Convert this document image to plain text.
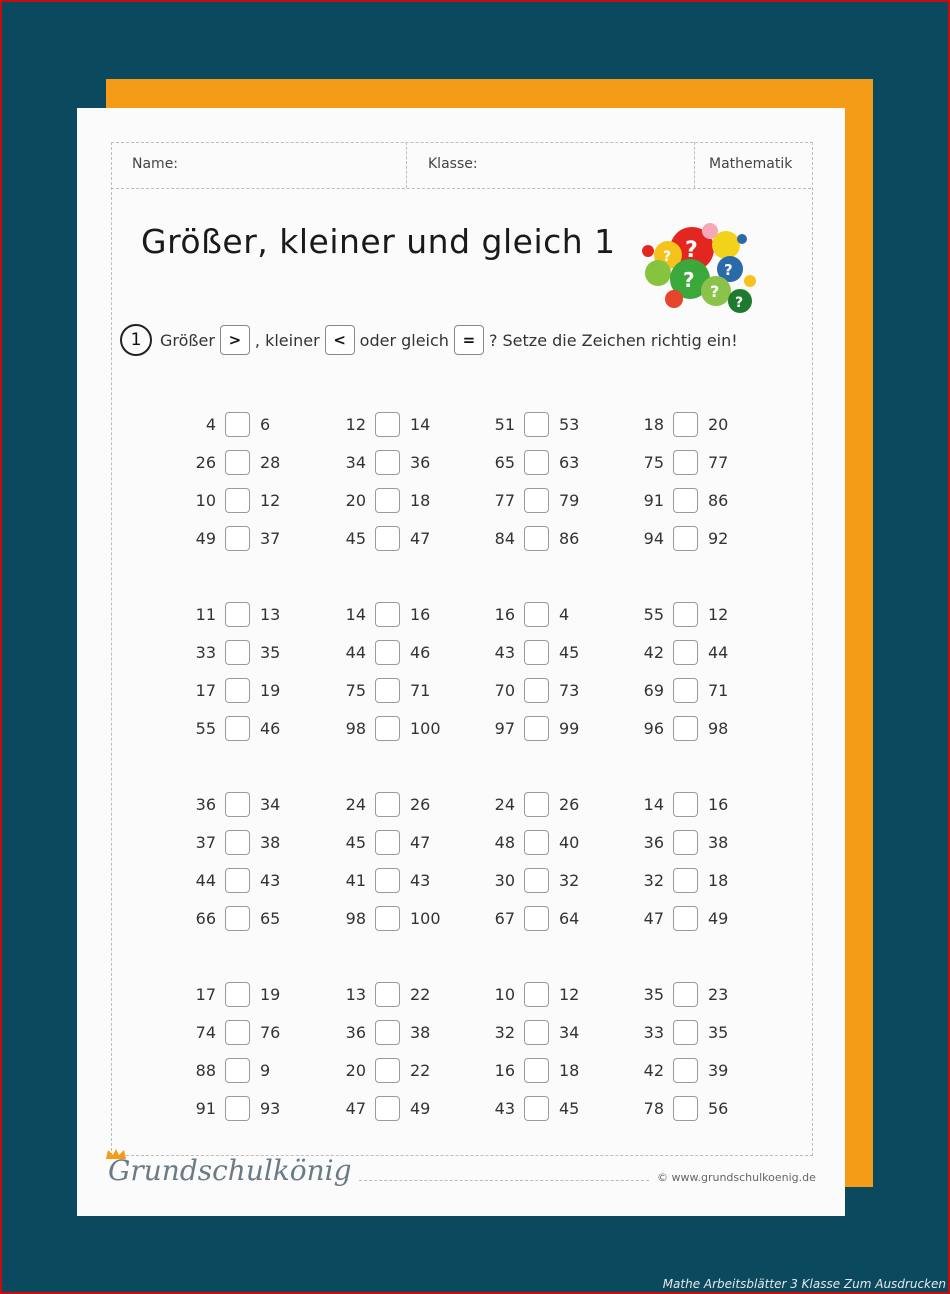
Name:	Klasse:	Mathematik
Größer, kleiner und gleich 1	?
? ?
?
?
?
1	Größer > , kleiner < oder gleich = ? Setze die Zeichen richtig ein!
4	6
26	28
10	12
49	37
12	14
34	36
20	18
45	47
51	53
65	63
77	79
84	86
18	20
75	77
91	86
94	92
11	13
33	35
17	19
55	46
14	16
44	46
75	71
98	100
16	4
43	45
70	73
97	99
55	12
42	44
69	71
96	98
36	34
37	38
44	43
66	65
24	26
45	47
41	43
98	100
24	26
48	40
30	32
67	64
14	16
36	38
32	18
47	49
17	19
74	76
88	9
91	93
13	22
36	38
20	22
47	49
10	12
32	34
16	18
43	45
35	23
33	35
42	39
78	56
Grundschulkönig	© www.grundschulkoenig.de
Mathe Arbeitsblätter 3 Klasse Zum Ausdrucken
